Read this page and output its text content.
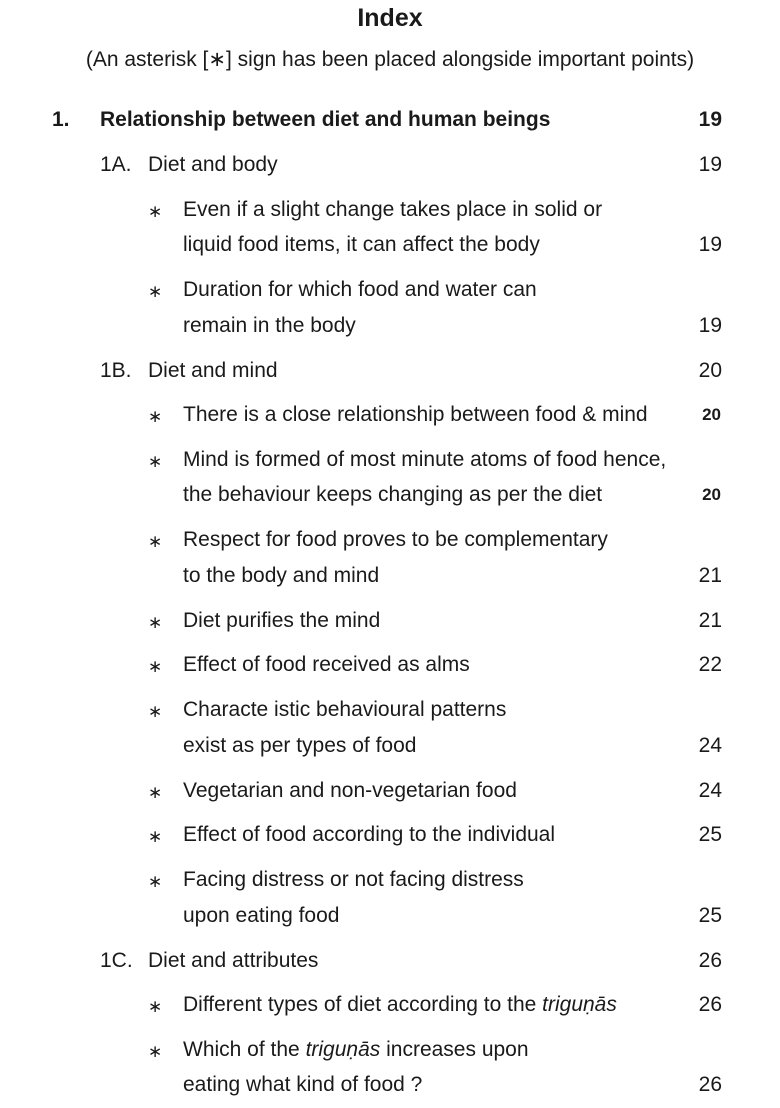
Index
(An asterisk [∗] sign has been placed alongside important points)
1. Relationship between diet and human beings	19
1A. Diet and body	19
∗ Even if a slight change takes place in solid or
liquid food items, it can affect the body	19
∗ Duration for which food and water can
remain in the body	19
1B. Diet and mind	20
∗ There is a close relationship between food & mind	20
∗ Mind is formed of most minute atoms of food hence,
the behaviour keeps changing as per the diet	20
∗ Respect for food proves to be complementary
to the body and mind	21
∗ Diet purifies the mind	21
∗ Effect of food received as alms	22
∗ Characte istic behavioural patterns
exist as per types of food	24
∗ Vegetarian and non-vegetarian food	24
∗ Effect of food according to the individual	25
∗ Facing distress or not facing distress
upon eating food	25
1C. Diet and attributes	26
∗ Different types of diet according to the triguṇās	26
∗ Which of the triguṇās increases upon
eating what kind of food ?	26
